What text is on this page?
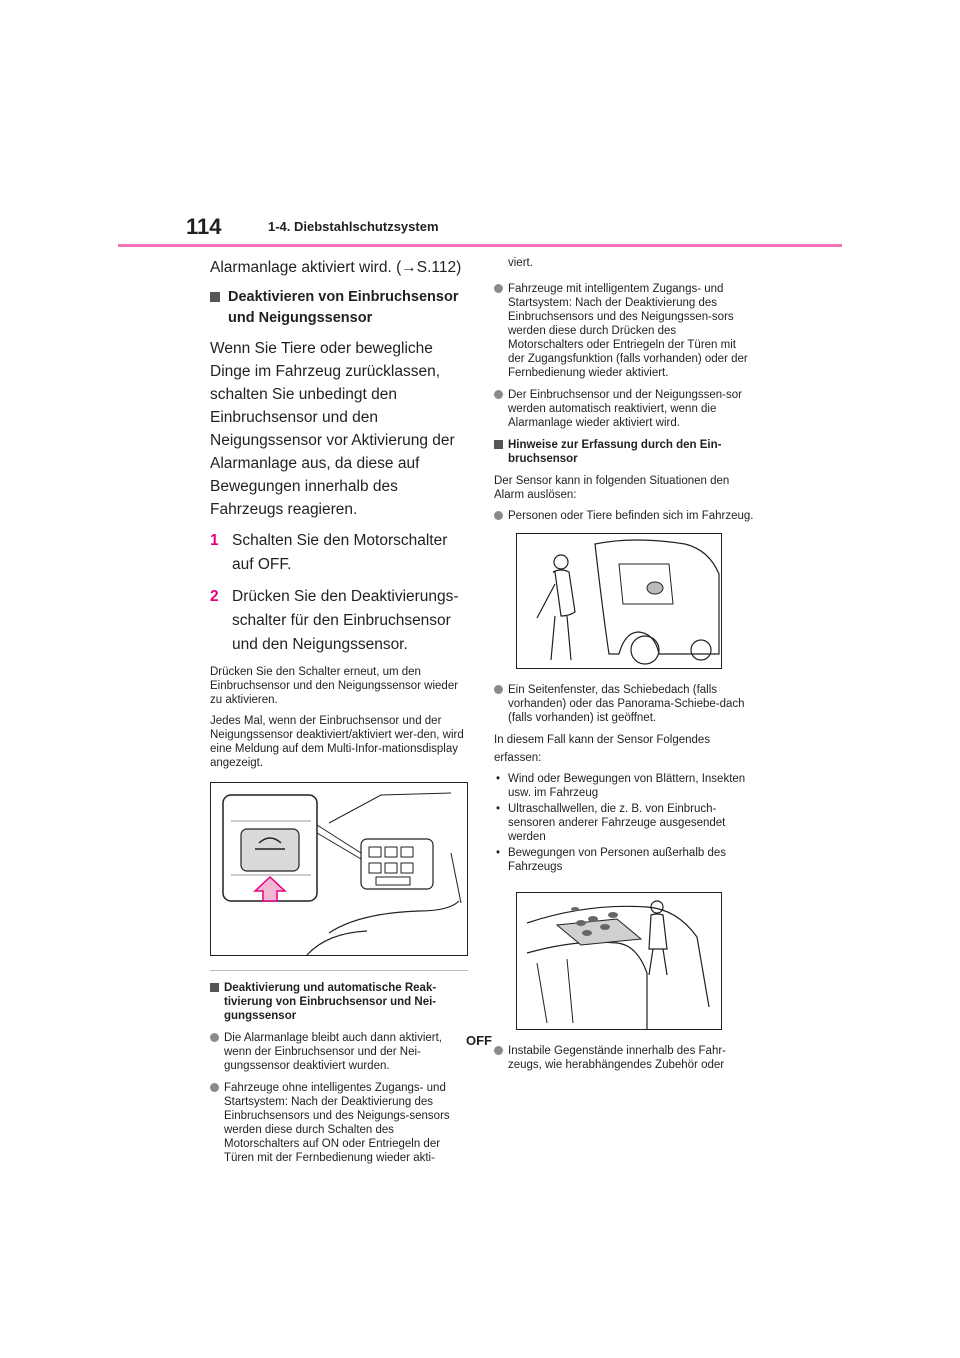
114	1-4. Diebstahlschutzsystem

Alarmanlage aktiviert wird. (→S.112)

Deaktivieren von Einbruchsensor und Neigungssensor

Wenn Sie Tiere oder bewegliche Dinge im Fahrzeug zurücklassen, schalten Sie unbedingt den Einbruchsensor und den Neigungssensor vor Aktivierung der Alarmanlage aus, da diese auf Bewegungen innerhalb des Fahrzeugs reagieren.

1 Schalten Sie den Motorschalter auf OFF.
2 Drücken Sie den Deaktivierungs-schalter für den Einbruchsensor und den Neigungssensor.

Drücken Sie den Schalter erneut, um den Einbruchsensor und den Neigungssensor wieder zu aktivieren.

Jedes Mal, wenn der Einbruchsensor und der Neigungssensor deaktiviert/aktiviert wer-den, wird eine Meldung auf dem Multi-Infor-mationsdisplay angezeigt.

OFF
Deaktivierung und automatische Reak-tivierung von Einbruchsensor und Nei-gungssensor
Die Alarmanlage bleibt auch dann aktiviert, wenn der Einbruchsensor und der Nei-gungssensor deaktiviert wurden.
Fahrzeuge ohne intelligentes Zugangs- und Startsystem: Nach der Deaktivierung des Einbruchsensors und des Neigungs-sensors werden diese durch Schalten des Motorschalters auf ON oder Entriegeln der Türen mit der Fernbedienung wieder akti-

viert.

Fahrzeuge mit intelligentem Zugangs- und Startsystem: Nach der Deaktivierung des Einbruchsensors und des Neigungssen-sors werden diese durch Drücken des Motorschalters oder Entriegeln der Türen mit der Zugangsfunktion (falls vorhanden) oder der Fernbedienung wieder aktiviert.
Der Einbruchsensor und der Neigungssen-sor werden automatisch reaktiviert, wenn die Alarmanlage wieder aktiviert wird.
Hinweise zur Erfassung durch den Ein-bruchsensor

Der Sensor kann in folgenden Situationen den Alarm auslösen:

Personen oder Tiere befinden sich im Fahrzeug.
Ein Seitenfenster, das Schiebedach (falls vorhanden) oder das Panorama-Schiebe-dach (falls vorhanden) ist geöffnet.

In diesem Fall kann der Sensor Folgendes

erfassen:

• Wind oder Bewegungen von Blättern, Insekten usw. im Fahrzeug
• Ultraschallwellen, die z. B. von Einbruch-sensoren anderer Fahrzeuge ausgesendet werden
• Bewegungen von Personen außerhalb des Fahrzeugs
Instabile Gegenstände innerhalb des Fahr-zeugs, wie herabhängendes Zubehör oder
